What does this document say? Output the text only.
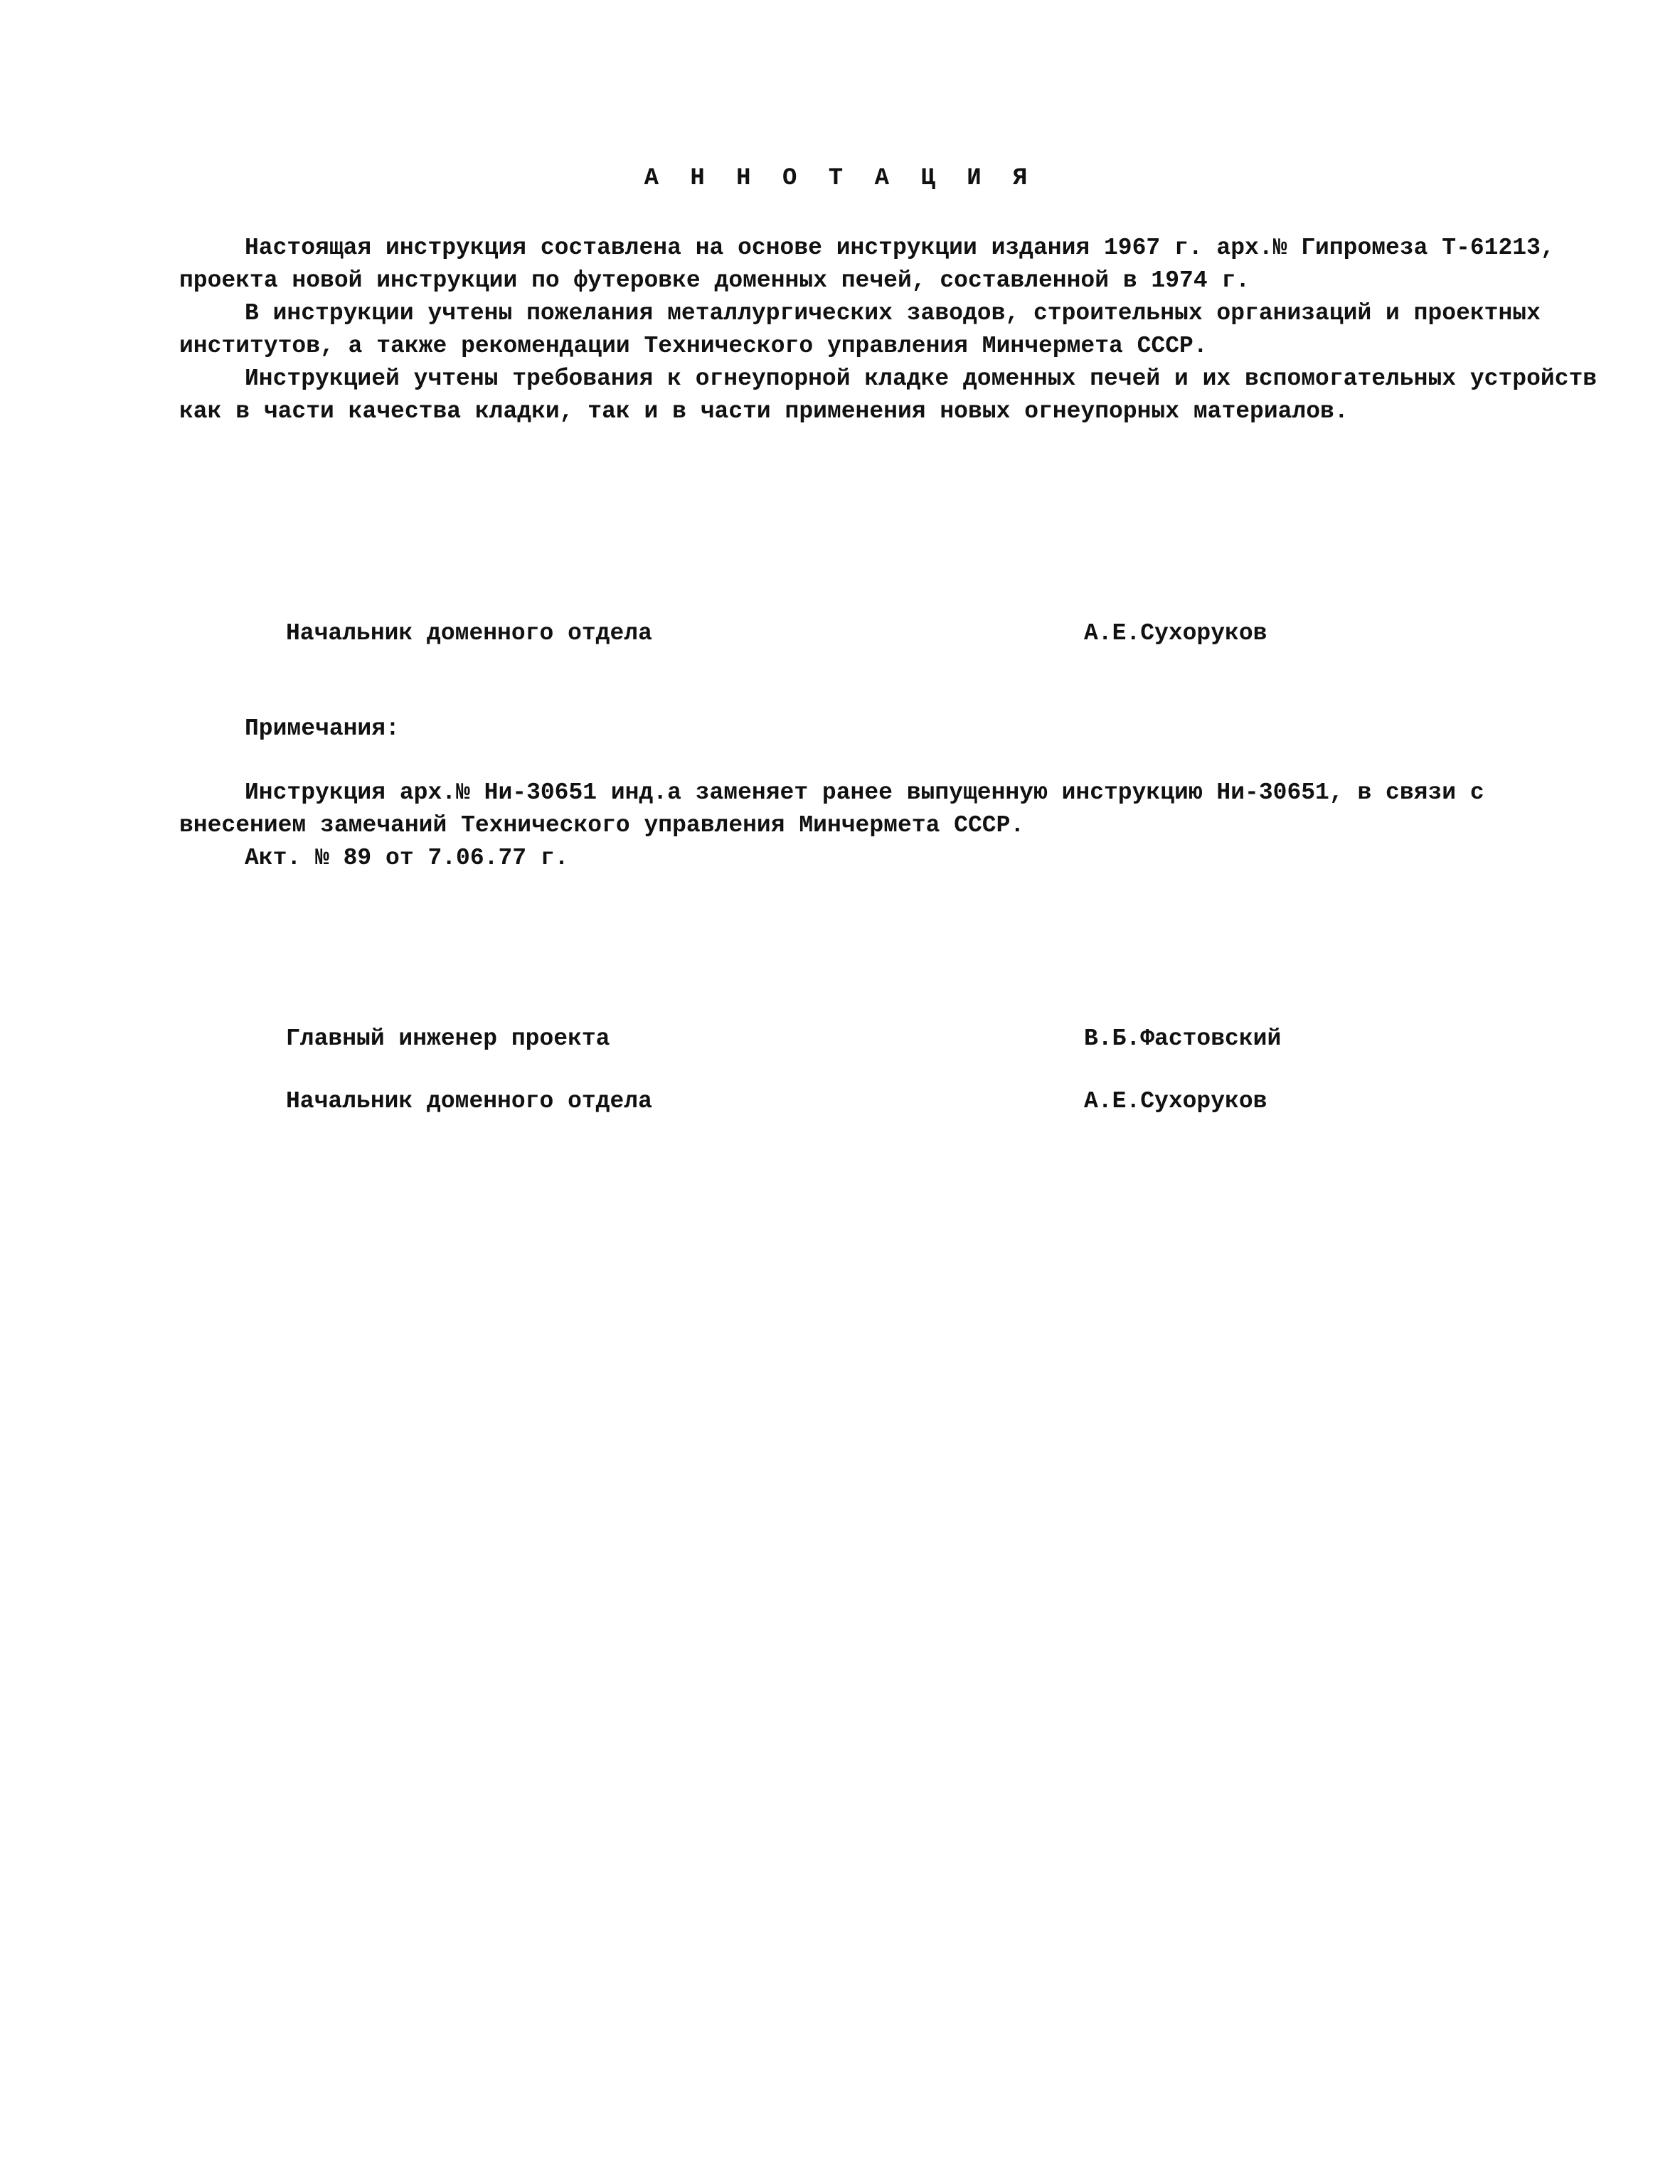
А Н Н О Т А Ц И Я
Настоящая инструкция составлена на основе инструкции издания 1967 г. арх.№ Гипромеза Т-61213,
проекта новой инструкции по футеровке доменных печей, составленной в 1974 г.
В инструкции учтены пожелания металлургических заводов, строительных организаций и проектных
институтов, а также рекомендации Технического управления Минчермета СССР.
Инструкцией учтены требования к огнеупорной кладке доменных печей и их вспомогательных устройств
как в части качества кладки, так и в части применения новых огнеупорных материалов.
Начальник доменного отдела	А.Е.Сухоруков
Примечания:
Инструкция арх.№ Ни-30651 инд.а заменяет ранее выпущенную инструкцию Ни-30651, в связи с
внесением замечаний Технического управления Минчермета СССР.
Акт. № 89 от 7.06.77 г.
Главный инженер проекта	В.Б.Фастовский
Начальник доменного отдела	А.Е.Сухоруков
